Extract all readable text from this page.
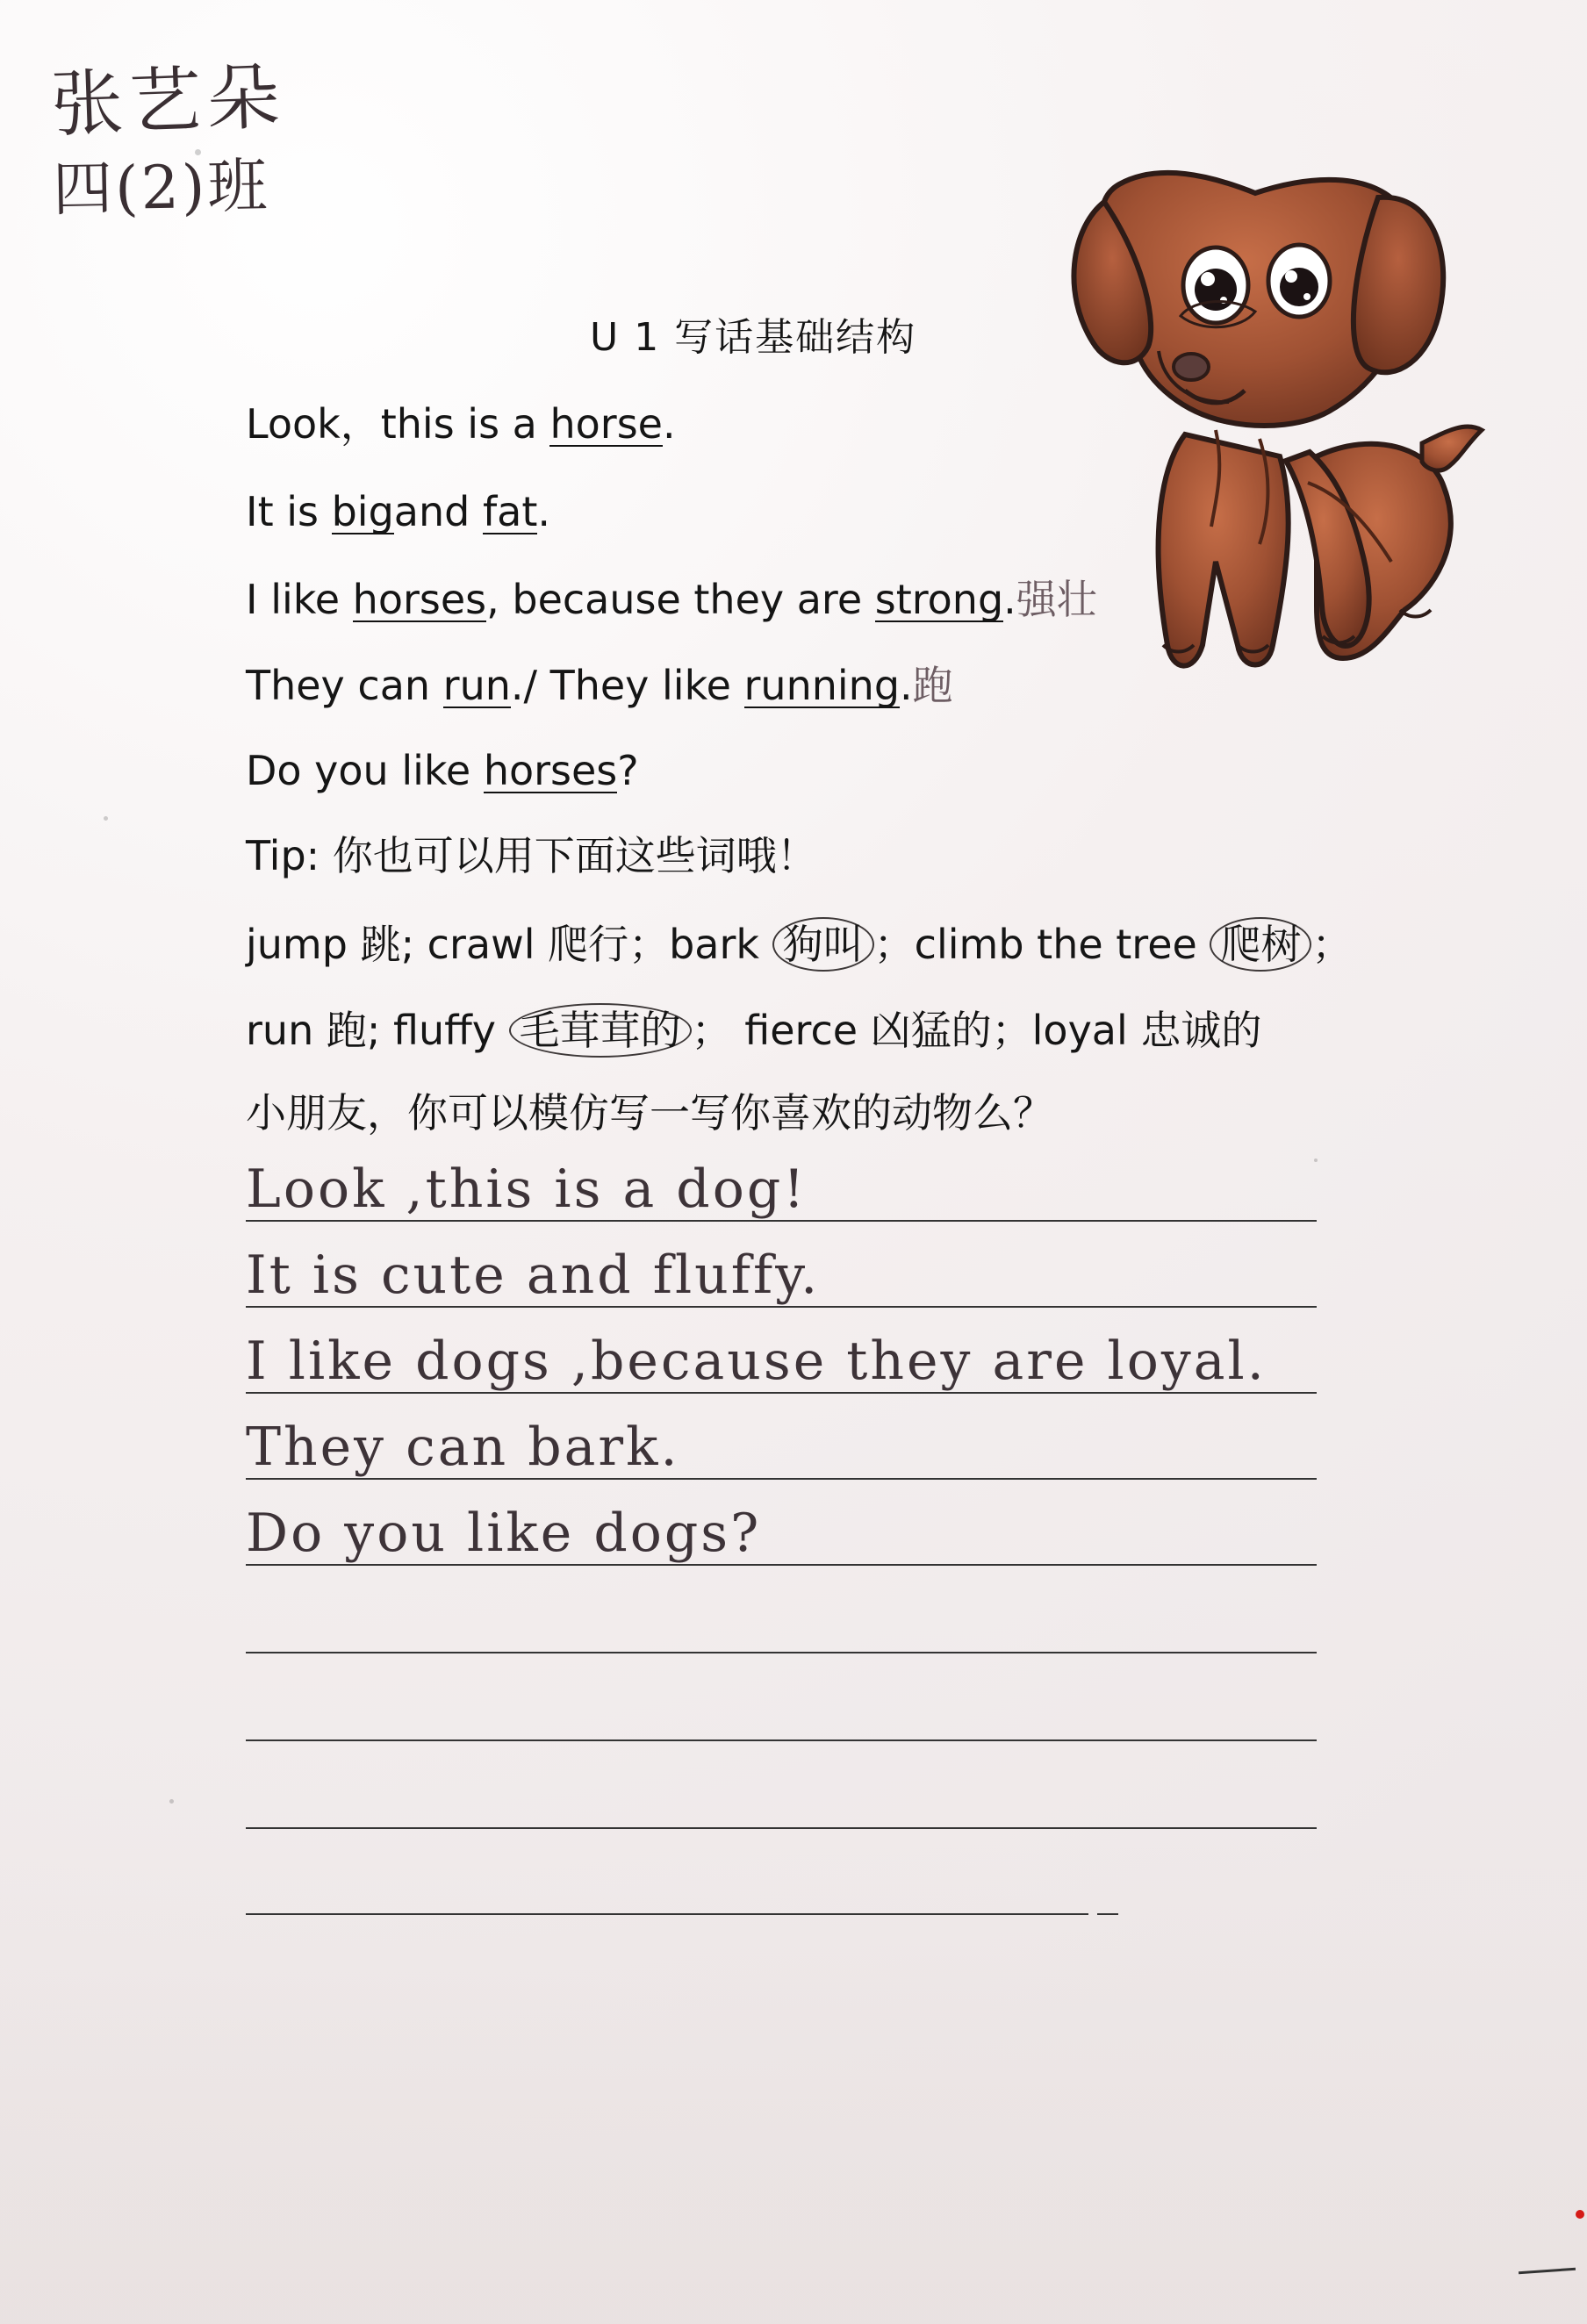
张艺朵
四(2)班
U 1 写话基础结构
Look，this is a horse.
It is bigand fat.
I like horses, because they are strong.强壮
They can run./ They like running.跑
Do you like horses?
Tip: 你也可以用下面这些词哦！
jump 跳; crawl 爬行；bark 狗叫 ；climb the tree 爬树 ；
run 跑; fluffy 毛茸茸的 ； fierce 凶猛的；loyal 忠诚的
小朋友，你可以模仿写一写你喜欢的动物么？
Look ,this is a dog!
It is cute and fluffy.
I like dogs ,because they are loyal.
They can bark.
Do you like dogs?
